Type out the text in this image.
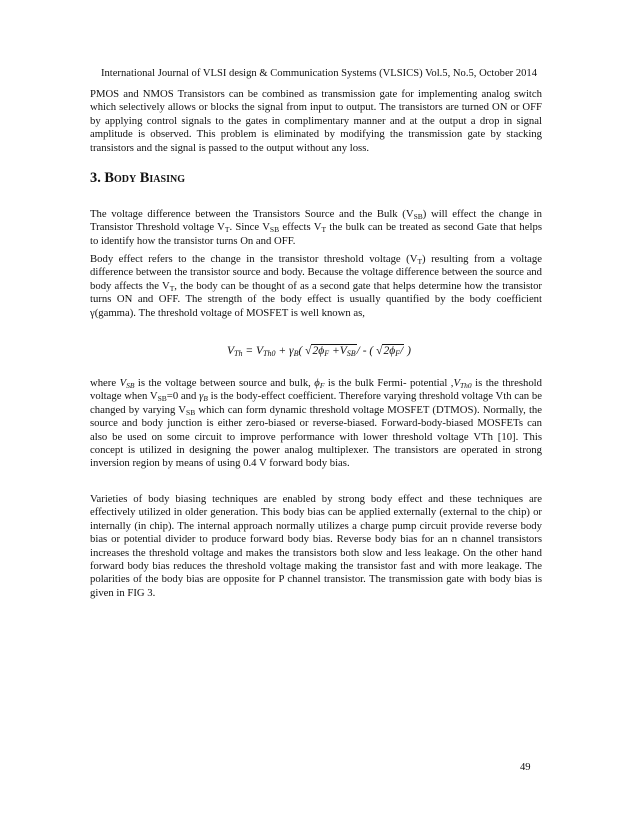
International Journal of VLSI design & Communication Systems (VLSICS) Vol.5, No.5, October 2014

PMOS and NMOS Transistors can be combined as transmission gate for implementing analog switch which selectively allows or blocks the signal from input to output. The transistors are turned ON or OFF by applying control signals to the gates in complimentary manner and at the output a drop in signal amplitude is observed. This problem is eliminated by modifying the transmission gate by stacking transistors and the signal is passed to the output without any loss.

3. Body Biasing

The voltage difference between the Transistors Source and the Bulk $(V_{SB})$ will effect the change in Transistor Threshold voltage $V_T$. Since $V_{SB}$ effects $V_T$ the bulk can be treated as second Gate that helps to identify how the transistor turns On and OFF.

Body effect refers to the change in the transistor threshold voltage $(V_T)$ resulting from a voltage difference between the transistor source and body. Because the voltage difference between the source and body affects the $V_T$, the body can be thought of as a second gate that helps determine how the transistor turns ON and OFF. The strength of the body effect is usually quantified by the body coefficient γ(gamma). The threshold voltage of MOSFET is well known as,

$V_{Th} = V_{Th0} + \gamma_B$( $√2\phi_F +V_{SB}/$ - ( $√2\phi_F/$ )

where $V_{SB}$ is the voltage between source and bulk, $\phi_F$ is the bulk Fermi- potential $,V_{Th0}$ is the threshold voltage when $V_{SB}=0$ and $\gamma_B$ is the body-effect coefficient. Therefore varying threshold voltage Vth can be changed by varying $V_{SB}$ which can form dynamic threshold voltage MOSFET (DTMOS). Normally, the source and body junction is either zero-biased or reverse-biased. Forward-body-biased MOSFETs can also be used on some circuit to improve performance with lower threshold voltage VTh [10]. This concept is utilized in designing the power analog multiplexer. The transistors are operated in strong inversion region by means of using 0.4 V forward body bias.

Varieties of body biasing techniques are enabled by strong body effect and these techniques are effectively utilized in older generation. This body bias can be applied externally (external to the chip) or internally (in chip). The internal approach normally utilizes a charge pump circuit provide reverse body bias or potential divider to produce forward body bias. Reverse body bias for an n channel transistors increases the threshold voltage and makes the transistors both slow and less leakage. On the other hand forward body bias reduces the threshold voltage making the transistor fast and with more leakage. The polarities of the body bias are opposite for P channel transistor. The transmission gate with body bias is given in FIG 3.

49
